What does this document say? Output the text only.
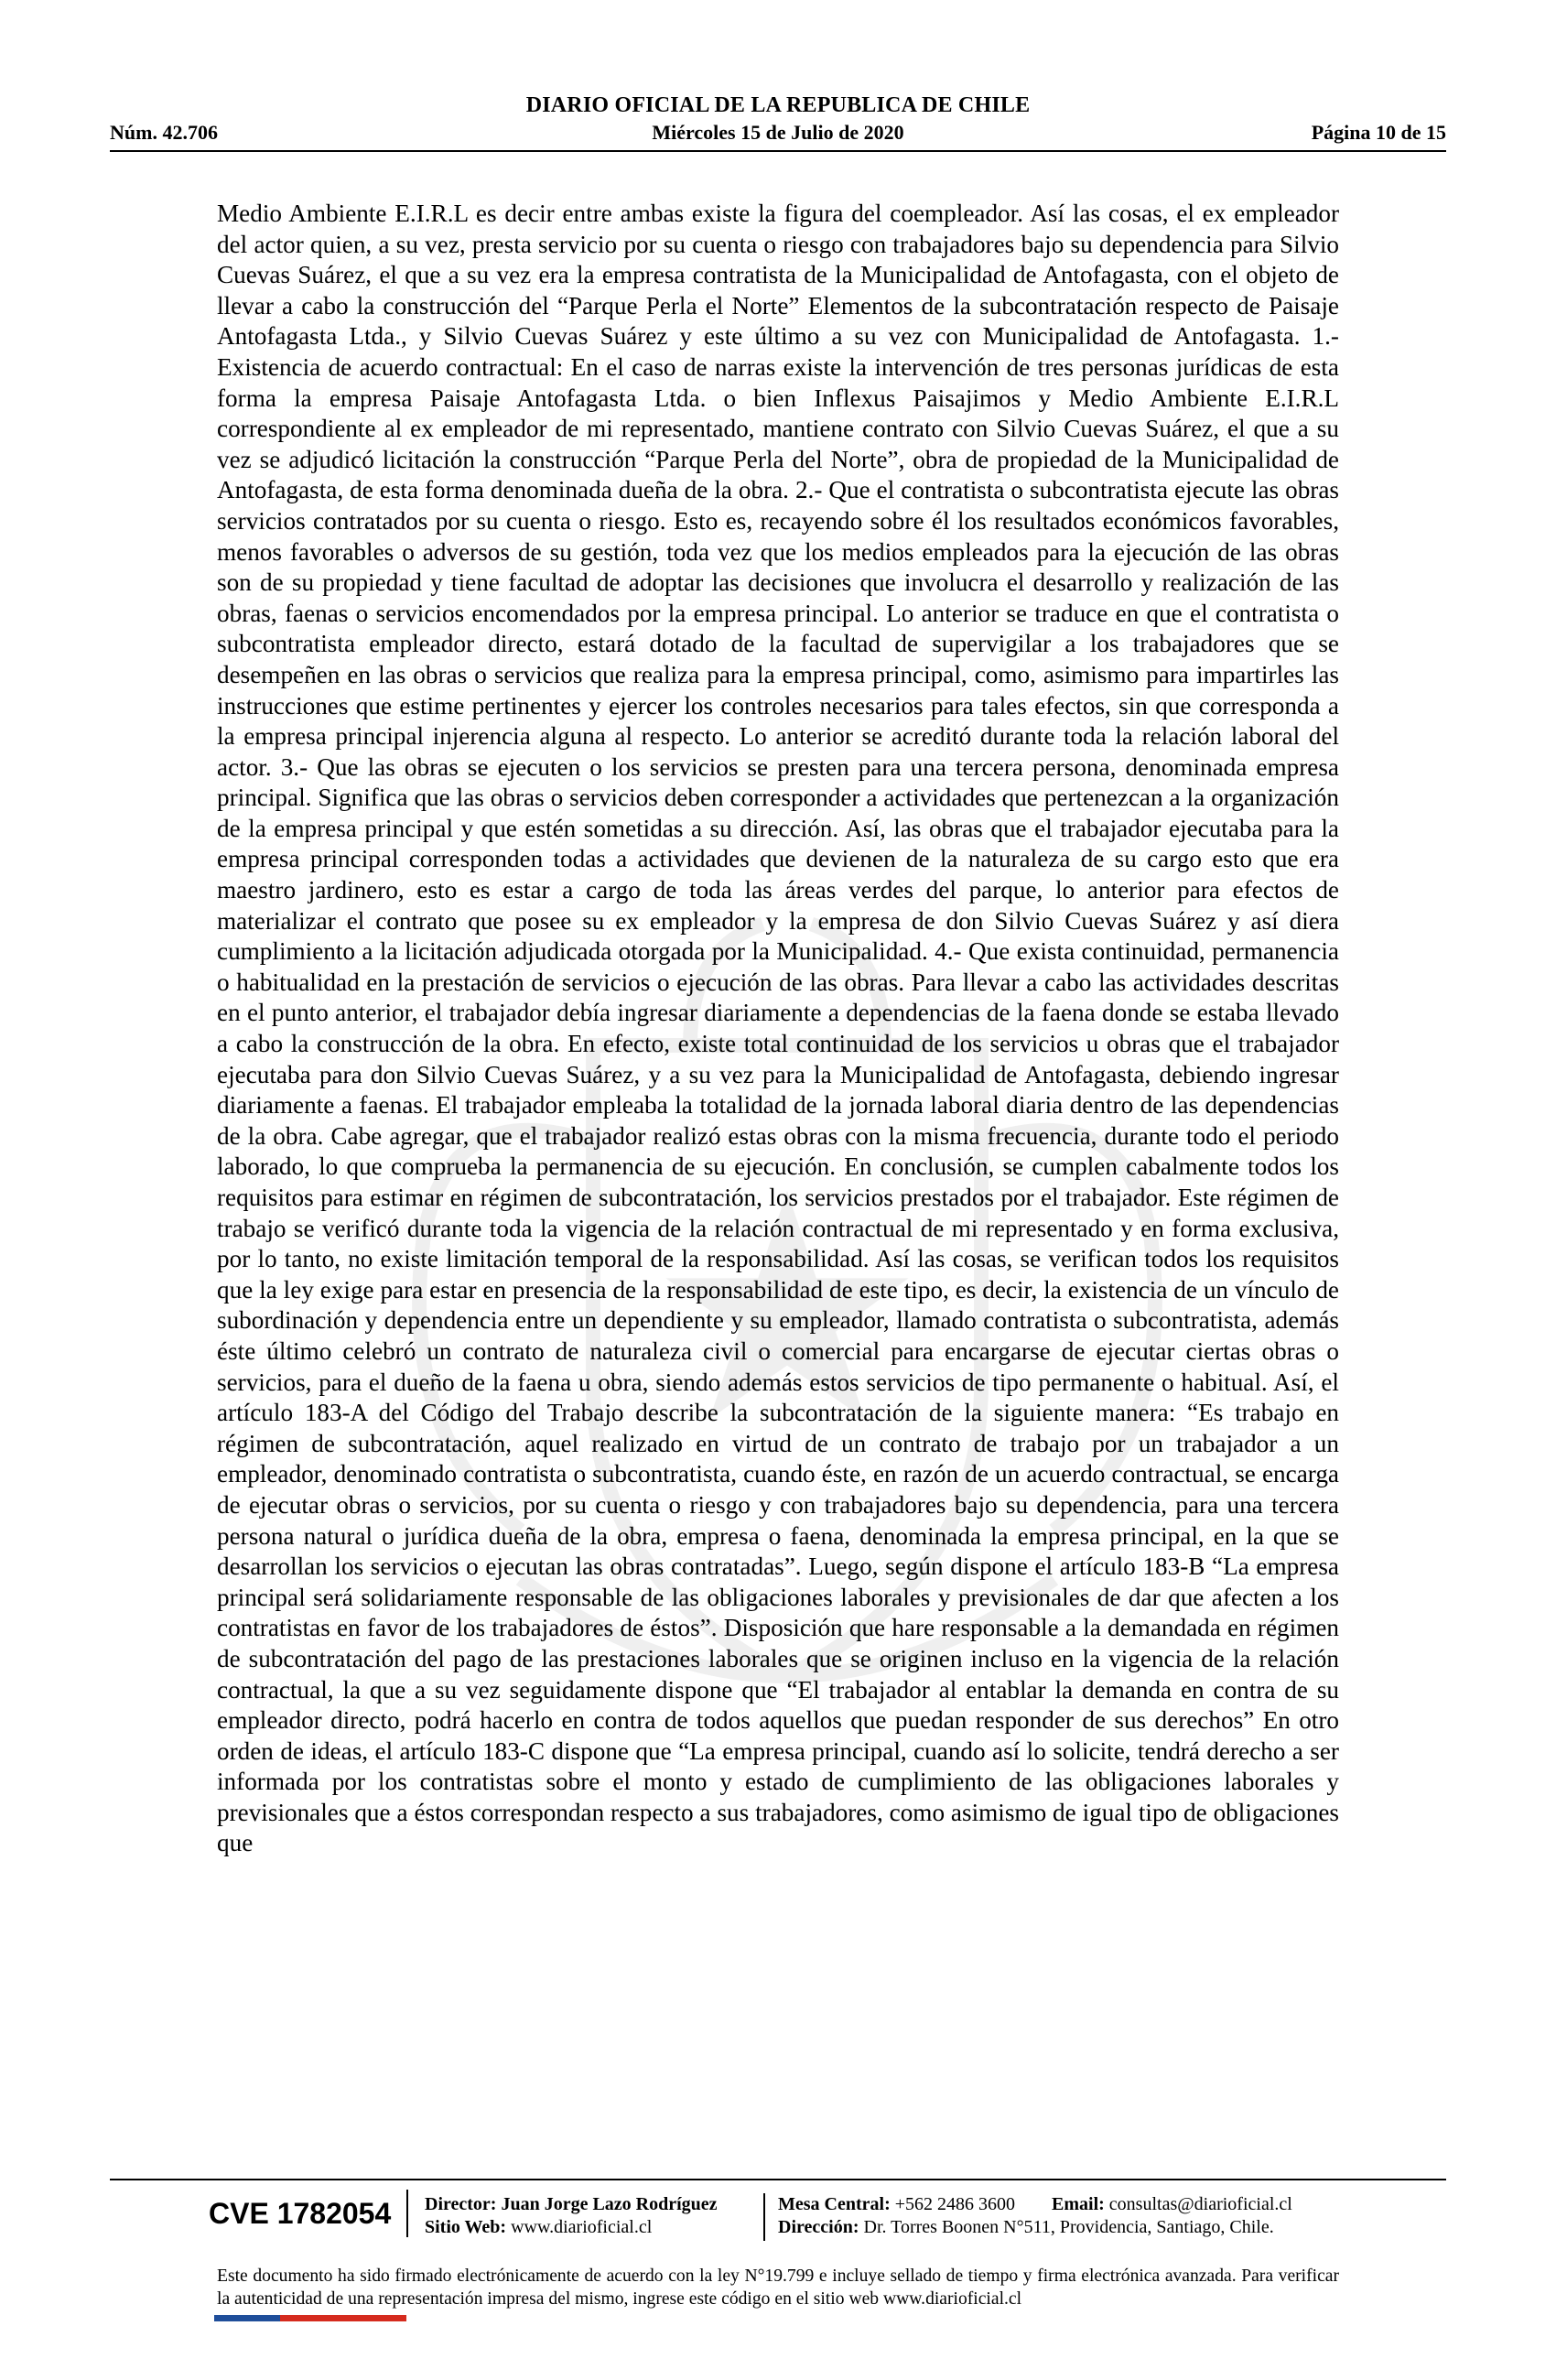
DIARIO OFICIAL DE LA REPUBLICA DE CHILE
Núm. 42.706	Miércoles 15 de Julio de 2020	Página 10 de 15

Medio Ambiente E.I.R.L es decir entre ambas existe la figura del coempleador. Así las cosas, el ex empleador del actor quien, a su vez, presta servicio por su cuenta o riesgo con trabajadores bajo su dependencia para Silvio Cuevas Suárez, el que a su vez era la empresa contratista de la Municipalidad de Antofagasta, con el objeto de llevar a cabo la construcción del “Parque Perla el Norte” Elementos de la subcontratación respecto de Paisaje Antofagasta Ltda., y Silvio Cuevas Suárez y este último a su vez con Municipalidad de Antofagasta. 1.- Existencia de acuerdo contractual: En el caso de narras existe la intervención de tres personas jurídicas de esta forma la empresa Paisaje Antofagasta Ltda. o bien Inflexus Paisajimos y Medio Ambiente E.I.R.L correspondiente al ex empleador de mi representado, mantiene contrato con Silvio Cuevas Suárez, el que a su vez se adjudicó licitación la construcción “Parque Perla del Norte”, obra de propiedad de la Municipalidad de Antofagasta, de esta forma denominada dueña de la obra. 2.- Que el contratista o subcontratista ejecute las obras servicios contratados por su cuenta o riesgo. Esto es, recayendo sobre él los resultados económicos favorables, menos favorables o adversos de su gestión, toda vez que los medios empleados para la ejecución de las obras son de su propiedad y tiene facultad de adoptar las decisiones que involucra el desarrollo y realización de las obras, faenas o servicios encomendados por la empresa principal. Lo anterior se traduce en que el contratista o subcontratista empleador directo, estará dotado de la facultad de supervigilar a los trabajadores que se desempeñen en las obras o servicios que realiza para la empresa principal, como, asimismo para impartirles las instrucciones que estime pertinentes y ejercer los controles necesarios para tales efectos, sin que corresponda a la empresa principal injerencia alguna al respecto. Lo anterior se acreditó durante toda la relación laboral del actor. 3.- Que las obras se ejecuten o los servicios se presten para una tercera persona, denominada empresa principal. Significa que las obras o servicios deben corresponder a actividades que pertenezcan a la organización de la empresa principal y que estén sometidas a su dirección. Así, las obras que el trabajador ejecutaba para la empresa principal corresponden todas a actividades que devienen de la naturaleza de su cargo esto que era maestro jardinero, esto es estar a cargo de toda las áreas verdes del parque, lo anterior para efectos de materializar el contrato que posee su ex empleador y la empresa de don Silvio Cuevas Suárez y así diera cumplimiento a la licitación adjudicada otorgada por la Municipalidad. 4.- Que exista continuidad, permanencia o habitualidad en la prestación de servicios o ejecución de las obras. Para llevar a cabo las actividades descritas en el punto anterior, el trabajador debía ingresar diariamente a dependencias de la faena donde se estaba llevado a cabo la construcción de la obra. En efecto, existe total continuidad de los servicios u obras que el trabajador ejecutaba para don Silvio Cuevas Suárez, y a su vez para la Municipalidad de Antofagasta, debiendo ingresar diariamente a faenas. El trabajador empleaba la totalidad de la jornada laboral diaria dentro de las dependencias de la obra. Cabe agregar, que el trabajador realizó estas obras con la misma frecuencia, durante todo el periodo laborado, lo que comprueba la permanencia de su ejecución. En conclusión, se cumplen cabalmente todos los requisitos para estimar en régimen de subcontratación, los servicios prestados por el trabajador. Este régimen de trabajo se verificó durante toda la vigencia de la relación contractual de mi representado y en forma exclusiva, por lo tanto, no existe limitación temporal de la responsabilidad. Así las cosas, se verifican todos los requisitos que la ley exige para estar en presencia de la responsabilidad de este tipo, es decir, la existencia de un vínculo de subordinación y dependencia entre un dependiente y su empleador, llamado contratista o subcontratista, además éste último celebró un contrato de naturaleza civil o comercial para encargarse de ejecutar ciertas obras o servicios, para el dueño de la faena u obra, siendo además estos servicios de tipo permanente o habitual. Así, el artículo 183-A del Código del Trabajo describe la subcontratación de la siguiente manera: “Es trabajo en régimen de subcontratación, aquel realizado en virtud de un contrato de trabajo por un trabajador a un empleador, denominado contratista o subcontratista, cuando éste, en razón de un acuerdo contractual, se encarga de ejecutar obras o servicios, por su cuenta o riesgo y con trabajadores bajo su dependencia, para una tercera persona natural o jurídica dueña de la obra, empresa o faena, denominada la empresa principal, en la que se desarrollan los servicios o ejecutan las obras contratadas”. Luego, según dispone el artículo 183-B “La empresa principal será solidariamente responsable de las obligaciones laborales y previsionales de dar que afecten a los contratistas en favor de los trabajadores de éstos”. Disposición que hare responsable a la demandada en régimen de subcontratación del pago de las prestaciones laborales que se originen incluso en la vigencia de la relación contractual, la que a su vez seguidamente dispone que “El trabajador al entablar la demanda en contra de su empleador directo, podrá hacerlo en contra de todos aquellos que puedan responder de sus derechos” En otro orden de ideas, el artículo 183-C dispone que “La empresa principal, cuando así lo solicite, tendrá derecho a ser informada por los contratistas sobre el monto y estado de cumplimiento de las obligaciones laborales y previsionales que a éstos correspondan respecto a sus trabajadores, como asimismo de igual tipo de obligaciones que

CVE 1782054	Director: Juan Jorge Lazo Rodríguez
Sitio Web: www.diarioficial.cl
Mesa Central: +562 2486 3600 Email: consultas@diarioficial.cl
Dirección: Dr. Torres Boonen N°511, Providencia, Santiago, Chile.
Este documento ha sido firmado electrónicamente de acuerdo con la ley N°19.799 e incluye sellado de tiempo y firma electrónica avanzada. Para verificar la autenticidad de una representación impresa del mismo, ingrese este código en el sitio web www.diarioficial.cl
